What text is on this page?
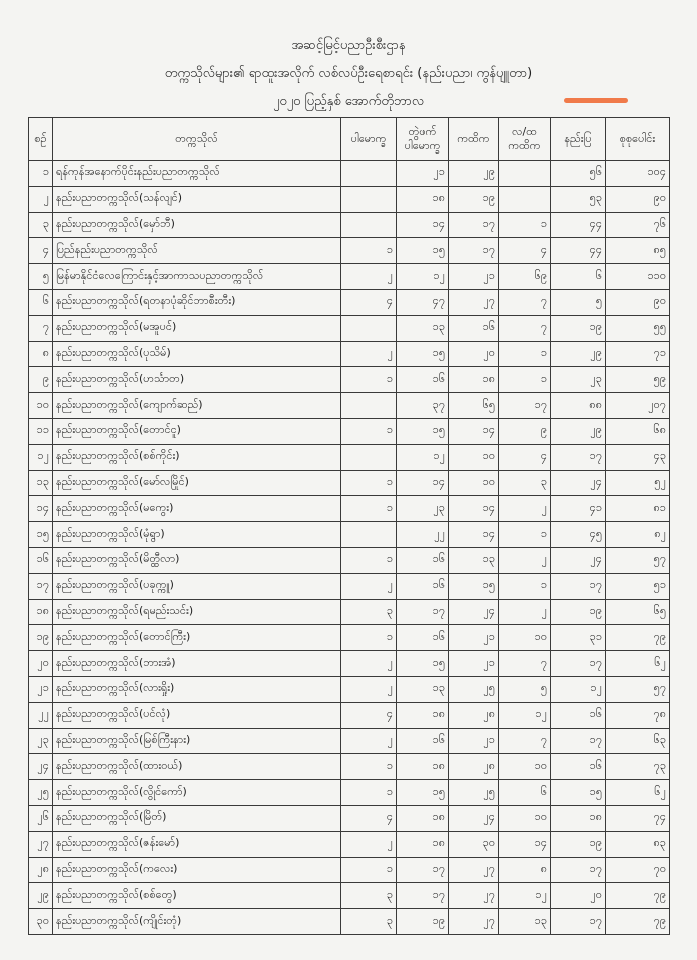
အဆင့်မြင့်ပညာဦးစီးဌာန
တက္ကသိုလ်များ၏ ရာထူးအလိုက် လစ်လပ်ဦးရေစာရင်း (နည်းပညာ၊ ကွန်ပျူတာ)
၂၀၂၀ ပြည့်နှစ် အောက်တိုဘာလ
စဉ်	တက္ကသိုလ်	ပါမောက္ခ	တွဲဖက် ပါမောက္ခ	ကထိက	လ/ထ ကထိက	နည်းပြ	စုစုပေါင်း
၁	ရန်ကုန်အနောက်ပိုင်းနည်းပညာတက္ကသိုလ်		၂၁	၂၉		၅၆	၁၀၄
၂	နည်းပညာတက္ကသိုလ်(သန်လျင်)		၁၈	၁၉		၅၃	၉၀
၃	နည်းပညာတက္ကသိုလ်(မှော်ဘီ)		၁၄	၁၇	၁	၄၄	၇၆
၄	ပြည်နည်းပညာတက္ကသိုလ်	၁	၁၅	၁၇	၄	၄၄	၈၅
၅	မြန်မာနိုင်ငံလေကြောင်းနှင့်အာကာသပညာတက္ကသိုလ်	၂	၁၂	၂၁	၆၉	၆	၁၁၀
၆	နည်းပညာတက္ကသိုလ်(ရတနာပုံဆိုင်ဘာစီးတီး)	၄	၄၇	၂၇	၇	၅	၉၀
၇	နည်းပညာတက္ကသိုလ်(မအူပင်)		၁၃	၁၆	၇	၁၉	၅၅
၈	နည်းပညာတက္ကသိုလ်(ပုသိမ်)	၂	၁၅	၂၀	၁	၂၉	၇၁
၉	နည်းပညာတက္ကသိုလ်(ဟင်္သာတ)	၁	၁၆	၁၈	၁	၂၃	၅၉
၁၀	နည်းပညာတက္ကသိုလ်(ကျောက်ဆည်)		၃၇	၆၅	၁၇	၈၈	၂၀၇
၁၁	နည်းပညာတက္ကသိုလ်(တောင်ငူ)	၁	၁၅	၁၄	၉	၂၉	၆၈
၁၂	နည်းပညာတက္ကသိုလ်(စစ်ကိုင်း)		၁၂	၁၀	၄	၁၇	၄၃
၁၃	နည်းပညာတက္ကသိုလ်(မော်လမြိုင်)	၁	၁၄	၁၀	၃	၂၄	၅၂
၁၄	နည်းပညာတက္ကသိုလ်(မကွေး)	၁	၂၃	၁၄	၂	၄၁	၈၁
၁၅	နည်းပညာတက္ကသိုလ်(မုံရွာ)		၂၂	၁၄	၁	၄၅	၈၂
၁၆	နည်းပညာတက္ကသိုလ်(မိတ္ထီလာ)	၁	၁၆	၁၃	၂	၂၄	၅၇
၁၇	နည်းပညာတက္ကသိုလ်(ပခုက္ကူ)	၂	၁၆	၁၅	၁	၁၇	၅၁
၁၈	နည်းပညာတက္ကသိုလ်(ရမည်းသင်း)	၃	၁၇	၂၄	၂	၁၉	၆၅
၁၉	နည်းပညာတက္ကသိုလ်(တောင်ကြီး)	၁	၁၆	၂၁	၁၀	၃၁	၇၉
၂၀	နည်းပညာတက္ကသိုလ်(ဘားအံ)	၂	၁၅	၂၁	၇	၁၇	၆၂
၂၁	နည်းပညာတက္ကသိုလ်(လားရှိုး)	၂	၁၃	၂၅	၅	၁၂	၅၇
၂၂	နည်းပညာတက္ကသိုလ်(ပင်လုံ)	၄	၁၈	၂၈	၁၂	၁၆	၇၈
၂၃	နည်းပညာတက္ကသိုလ်(မြစ်ကြီးနား)	၂	၁၆	၂၁	၇	၁၇	၆၃
၂၄	နည်းပညာတက္ကသိုလ်(ထားဝယ်)	၁	၁၈	၂၈	၁၀	၁၆	၇၃
၂၅	နည်းပညာတက္ကသိုလ်(လွိုင်ကော်)	၁	၁၅	၂၅	၆	၁၅	၆၂
၂၆	နည်းပညာတက္ကသိုလ်(မြိတ်)	၄	၁၈	၂၄	၁၀	၁၈	၇၄
၂၇	နည်းပညာတက္ကသိုလ်(ဇန်းမော်)	၂	၁၈	၃၀	၁၄	၁၉	၈၃
၂၈	နည်းပညာတက္ကသိုလ်(ကလေး)	၁	၁၇	၂၇	၈	၁၇	၇၀
၂၉	နည်းပညာတက္ကသိုလ်(စစ်တွေ)	၃	၁၇	၂၇	၁၂	၂၀	၇၉
၃၀	နည်းပညာတက္ကသိုလ်(ကျိုင်းတုံ)	၃	၁၉	၂၇	၁၃	၁၇	၇၉
